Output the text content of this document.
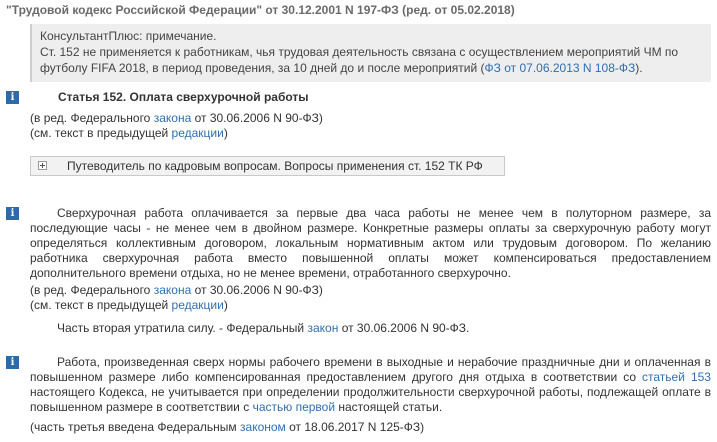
"Трудовой кодекс Российской Федерации" от 30.12.2001 N 197-ФЗ (ред. от 05.02.2018)
КонсультантПлюс: примечание.
Ст. 152 не применяется к работникам, чья трудовая деятельность связана с осуществлением мероприятий ЧМ по
футболу FIFA 2018, в период проведения, за 10 дней до и после мероприятий (ФЗ от 07.06.2013 N 108-ФЗ).
i	Статья 152. Оплата сверхурочной работы
(в ред. Федерального закона от 30.06.2006 N 90-ФЗ)
(см. текст в предыдущей редакции)
Путеводитель по кадровым вопросам. Вопросы применения ст. 152 ТК РФ
i	Сверхурочная работа оплачивается за первые два часа работы не менее чем в полуторном размере, за
последующие часы - не менее чем в двойном размере. Конкретные размеры оплаты за сверхурочную работу могут
определяться коллективным договором, локальным нормативным актом или трудовым договором. По желанию
работника сверхурочная работа вместо повышенной оплаты может компенсироваться предоставлением
дополнительного времени отдыха, но не менее времени, отработанного сверхурочно.
(в ред. Федерального закона от 30.06.2006 N 90-ФЗ)
(см. текст в предыдущей редакции)
Часть вторая утратила силу. - Федеральный закон от 30.06.2006 N 90-ФЗ.
i	Работа, произведенная сверх нормы рабочего времени в выходные и нерабочие праздничные дни и оплаченная в
повышенном размере либо компенсированная предоставлением другого дня отдыха в соответствии со статьей 153
настоящего Кодекса, не учитывается при определении продолжительности сверхурочной работы, подлежащей оплате в
повышенном размере в соответствии с частью первой настоящей статьи.
(часть третья введена Федеральным законом от 18.06.2017 N 125-ФЗ)
